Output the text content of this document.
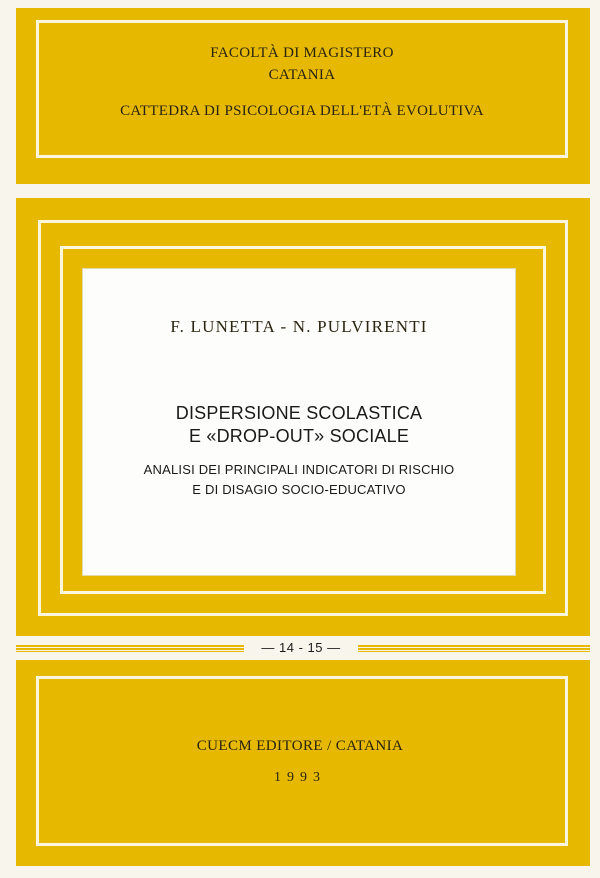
FACOLTÀ DI MAGISTERO
CATANIA
CATTEDRA DI PSICOLOGIA DELL'ETÀ EVOLUTIVA
F. LUNETTA - N. PULVIRENTI
DISPERSIONE SCOLASTICA
E «DROP-OUT» SOCIALE
ANALISI DEI PRINCIPALI INDICATORI DI RISCHIO
E DI DISAGIO SOCIO-EDUCATIVO
— 14 - 15 —
CUECM EDITORE / CATANIA
1993
